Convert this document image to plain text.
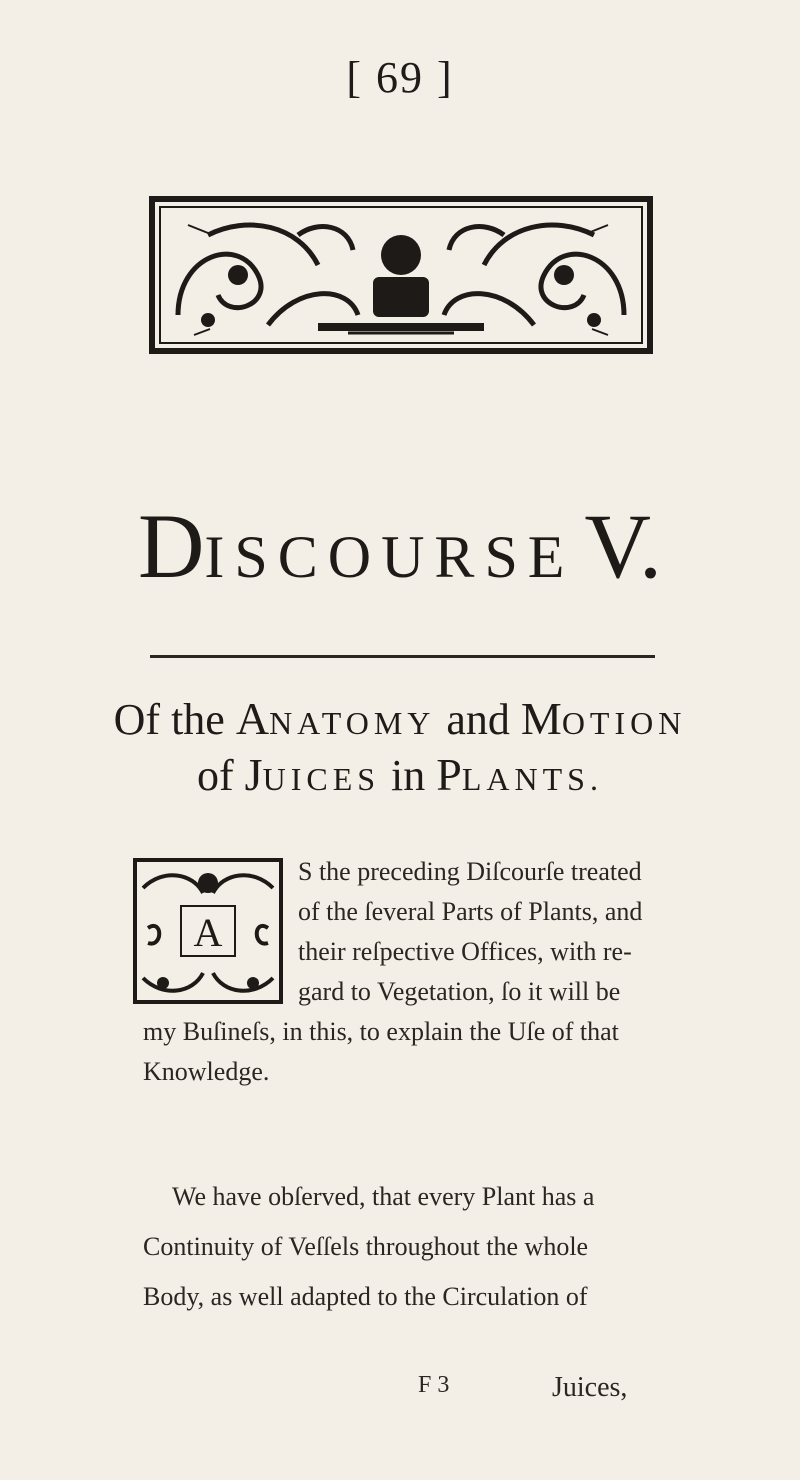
[ 69 ]
DISCOURSE V.
Of the ANATOMY and MOTION
of JUICES in PLANTS.
A
S the preceding Diſcourſe treated
of the ſeveral Parts of Plants, and
their reſpective Offices, with re-
gard to Vegetation, ſo it will be
my Buſineſs, in this, to explain the Uſe of that
Knowledge.
We have obſerved, that every Plant has a
Continuity of Veſſels throughout the whole
Body, as well adapted to the Circulation of
F 3	Juices,
